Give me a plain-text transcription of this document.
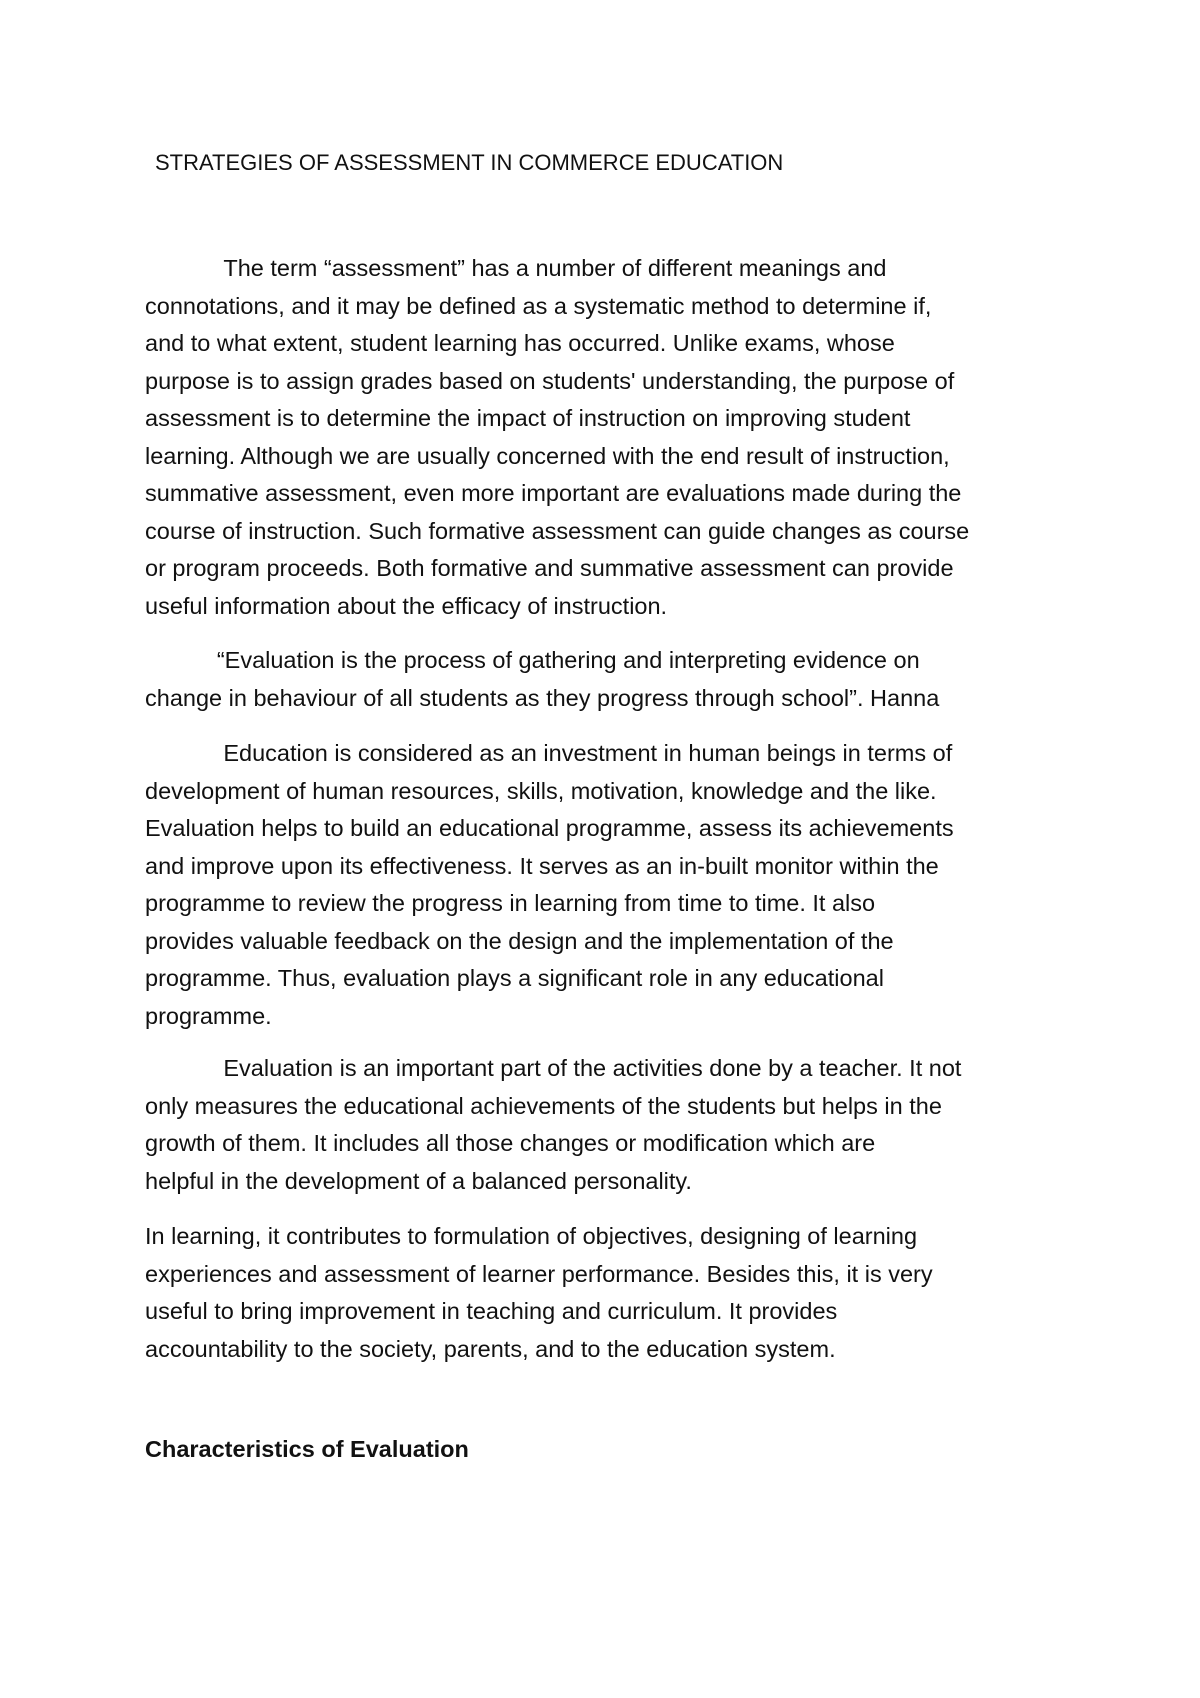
STRATEGIES OF ASSESSMENT IN COMMERCE EDUCATION

The term “assessment” has a number of different meanings and
connotations, and it may be defined as a systematic method to determine if,
and to what extent, student learning has occurred. Unlike exams, whose
purpose is to assign grades based on students' understanding, the purpose of
assessment is to determine the impact of instruction on improving student
learning. Although we are usually concerned with the end result of instruction,
summative assessment, even more important are evaluations made during the
course of instruction. Such formative assessment can guide changes as course
or program proceeds. Both formative and summative assessment can provide
useful information about the efficacy of instruction.

“Evaluation is the process of gathering and interpreting evidence on
change in behaviour of all students as they progress through school”. Hanna

Education is considered as an investment in human beings in terms of
development of human resources, skills, motivation, knowledge and the like.
Evaluation helps to build an educational programme, assess its achievements
and improve upon its effectiveness. It serves as an in-built monitor within the
programme to review the progress in learning from time to time. It also
provides valuable feedback on the design and the implementation of the
programme. Thus, evaluation plays a significant role in any educational
programme.

Evaluation is an important part of the activities done by a teacher. It not
only measures the educational achievements of the students but helps in the
growth of them. It includes all those changes or modification which are
helpful in the development of a balanced personality.

In learning, it contributes to formulation of objectives, designing of learning
experiences and assessment of learner performance. Besides this, it is very
useful to bring improvement in teaching and curriculum. It provides
accountability to the society, parents, and to the education system.

Characteristics of Evaluation
